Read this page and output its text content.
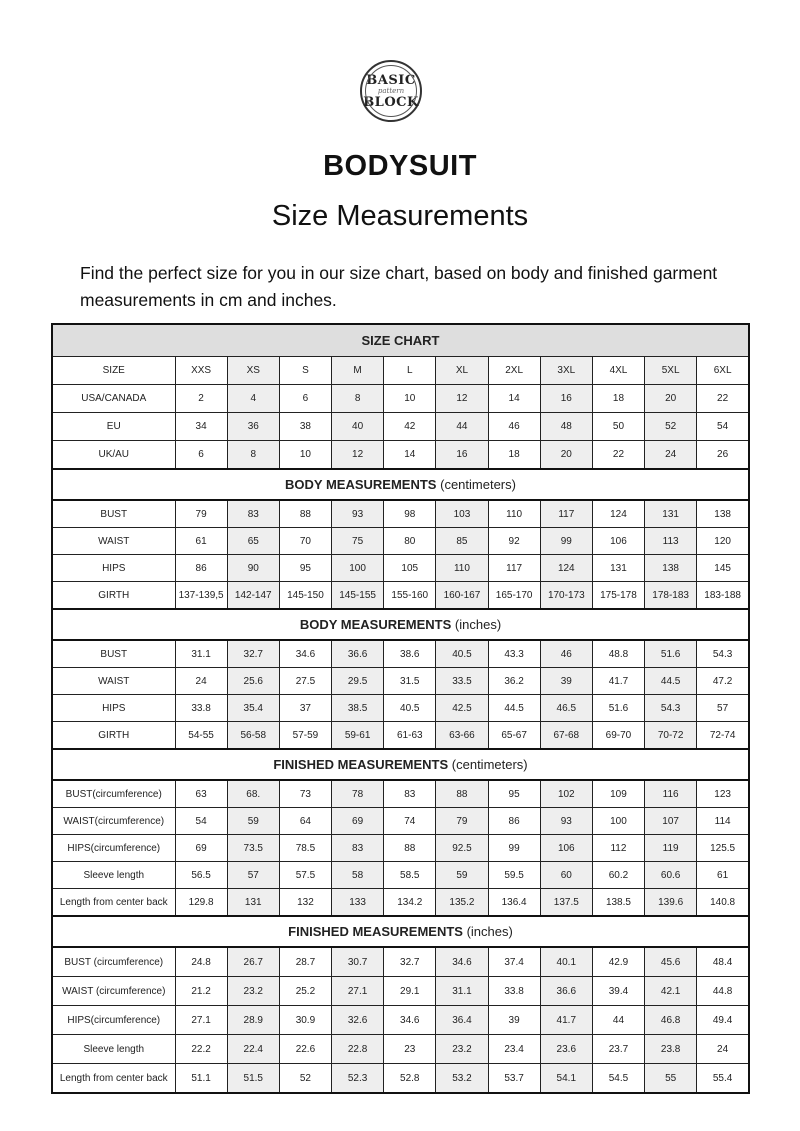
BASIC
pattern
BLOCK
BODYSUIT
Size Measurements
Find the perfect size for you in our size chart, based on body and finished garment measurements in cm and inches.
SIZE CHART											
SIZE	XXS	XS	S	M	L	XL	2XL	3XL	4XL	5XL	6XL
USA/CANADA	2	4	6	8	10	12	14	16	18	20	22
EU	34	36	38	40	42	44	46	48	50	52	54
UK/AU	6	8	10	12	14	16	18	20	22	24	26
BODY MEASUREMENTS (centimeters)											
BUST	79	83	88	93	98	103	110	117	124	131	138
WAIST	61	65	70	75	80	85	92	99	106	113	120
HIPS	86	90	95	100	105	110	117	124	131	138	145
GIRTH	137-139,5	142-147	145-150	145-155	155-160	160-167	165-170	170-173	175-178	178-183	183-188
BODY MEASUREMENTS (inches)											
BUST	31.1	32.7	34.6	36.6	38.6	40.5	43.3	46	48.8	51.6	54.3
WAIST	24	25.6	27.5	29.5	31.5	33.5	36.2	39	41.7	44.5	47.2
HIPS	33.8	35.4	37	38.5	40.5	42.5	44.5	46.5	51.6	54.3	57
GIRTH	54-55	56-58	57-59	59-61	61-63	63-66	65-67	67-68	69-70	70-72	72-74
FINISHED MEASUREMENTS (centimeters)											
BUST(circumference)	63	68.	73	78	83	88	95	102	109	116	123
WAIST(circumference)	54	59	64	69	74	79	86	93	100	107	114
HIPS(circumference)	69	73.5	78.5	83	88	92.5	99	106	112	119	125.5
Sleeve length	56.5	57	57.5	58	58.5	59	59.5	60	60.2	60.6	61
Length from center back	129.8	131	132	133	134.2	135.2	136.4	137.5	138.5	139.6	140.8
FINISHED MEASUREMENTS (inches)											
BUST (circumference)	24.8	26.7	28.7	30.7	32.7	34.6	37.4	40.1	42.9	45.6	48.4
WAIST (circumference)	21.2	23.2	25.2	27.1	29.1	31.1	33.8	36.6	39.4	42.1	44.8
HIPS(circumference)	27.1	28.9	30.9	32.6	34.6	36.4	39	41.7	44	46.8	49.4
Sleeve length	22.2	22.4	22.6	22.8	23	23.2	23.4	23.6	23.7	23.8	24
Length from center back	51.1	51.5	52	52.3	52.8	53.2	53.7	54.1	54.5	55	55.4
